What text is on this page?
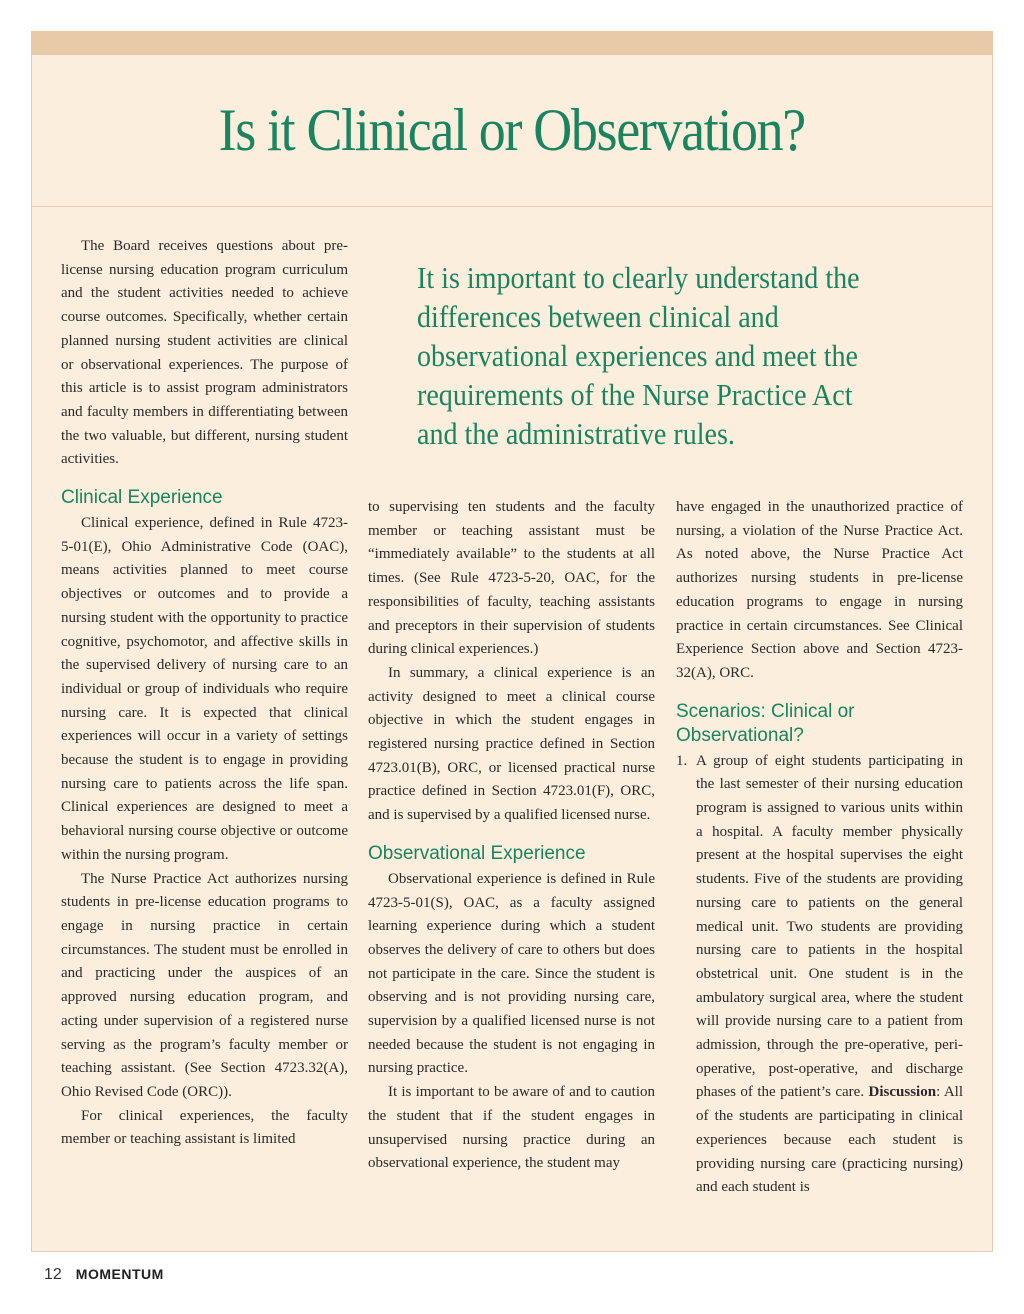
Is it Clinical or Observation?
It is important to clearly understand the differences between clinical and observational experiences and meet the requirements of the Nurse Practice Act and the administrative rules.

The Board receives questions about pre-license nursing education program curriculum and the student activities needed to achieve course outcomes. Specifically, whether certain planned nursing student activities are clinical or observational experiences. The purpose of this article is to assist program administrators and faculty members in differentiating between the two valuable, but different, nursing student activities.

Clinical Experience

Clinical experience, defined in Rule 4723-5-01(E), Ohio Administrative Code (OAC), means activities planned to meet course objectives or outcomes and to provide a nursing student with the opportunity to practice cognitive, psychomotor, and affective skills in the supervised delivery of nursing care to an individual or group of individuals who require nursing care. It is expected that clinical experiences will occur in a variety of settings because the student is to engage in providing nursing care to patients across the life span. Clinical experiences are designed to meet a behavioral nursing course objective or outcome within the nursing program.

The Nurse Practice Act authorizes nursing students in pre-license education programs to engage in nursing practice in certain circumstances. The student must be enrolled in and practicing under the auspices of an approved nursing education program, and acting under supervision of a registered nurse serving as the program’s faculty member or teaching assistant. (See Section 4723.32(A), Ohio Revised Code (ORC)).

For clinical experiences, the faculty member or teaching assistant is limited

to supervising ten students and the faculty member or teaching assistant must be “immediately available” to the students at all times. (See Rule 4723-5-20, OAC, for the responsibilities of faculty, teaching assistants and preceptors in their supervision of students during clinical experiences.)

In summary, a clinical experience is an activity designed to meet a clinical course objective in which the student engages in registered nursing practice defined in Section 4723.01(B), ORC, or licensed practical nurse practice defined in Section 4723.01(F), ORC, and is supervised by a qualified licensed nurse.

Observational Experience

Observational experience is defined in Rule 4723-5-01(S), OAC, as a faculty assigned learning experience during which a student observes the delivery of care to others but does not participate in the care. Since the student is observing and is not providing nursing care, supervision by a qualified licensed nurse is not needed because the student is not engaging in nursing practice.

It is important to be aware of and to caution the student that if the student engages in unsupervised nursing practice during an observational experience, the student may

have engaged in the unauthorized practice of nursing, a violation of the Nurse Practice Act. As noted above, the Nurse Practice Act authorizes nursing students in pre-license education programs to engage in nursing practice in certain circumstances. See Clinical Experience Section above and Section 4723-32(A), ORC.

Scenarios: Clinical or Observational?
1. A group of eight students participating in the last semester of their nursing education program is assigned to various units within a hospital. A faculty member physically present at the hospital supervises the eight students. Five of the students are providing nursing care to patients on the general medical unit. Two students are providing nursing care to patients in the hospital obstetrical unit. One student is in the ambulatory surgical area, where the student will provide nursing care to a patient from admission, through the pre-operative, peri-operative, post-operative, and discharge phases of the patient’s care. Discussion: All of the students are participating in clinical experiences because each student is providing nursing care (practicing nursing) and each student is
12 MOMENTUM
